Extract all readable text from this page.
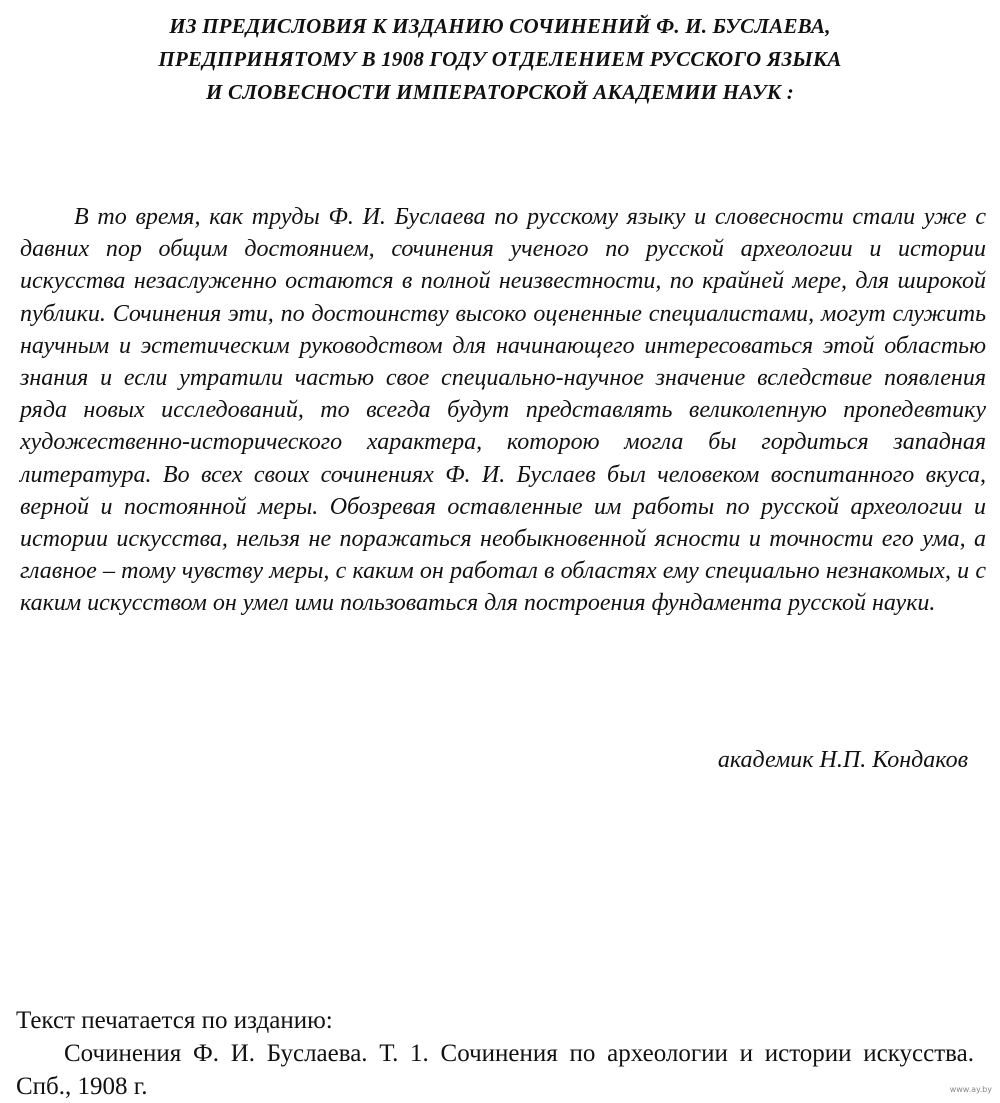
ИЗ ПРЕДИСЛОВИЯ К ИЗДАНИЮ СОЧИНЕНИЙ Ф. И. БУСЛАЕВА,
ПРЕДПРИНЯТОМУ В 1908 ГОДУ ОТДЕЛЕНИЕМ РУССКОГО ЯЗЫКА
И СЛОВЕСНОСТИ ИМПЕРАТОРСКОЙ АКАДЕМИИ НАУК :

В то время, как труды Ф. И. Буслаева по русскому языку и словесности стали уже с давних пор общим достоянием, сочинения ученого по русской археологии и истории искусства незаслуженно остаются в полной неизвестности, по крайней мере, для широкой публики. Сочинения эти, по достоинству высоко оцененные специалистами, могут служить научным и эстетическим руководством для начинающего интересоваться этой областью знания и если утратили частью свое специально-научное значение вследствие появления ряда новых исследований, то всегда будут представлять великолепную пропедевтику художественно-исторического характера, которою могла бы гордиться западная литература. Во всех своих сочинениях Ф. И. Буслаев был человеком воспитанного вкуса, верной и постоянной меры. Обозревая оставленные им работы по русской археологии и истории искусства, нельзя не поражаться необыкновенной ясности и точности его ума, а главное – тому чувству меры, с каким он работал в областях ему специально незнакомых, и с каким искусством он умел ими пользоваться для построения фундамента русской науки.

академик Н.П. Кондаков
Текст печатается по изданию:

Сочинения Ф. И. Буслаева. Т. 1. Сочинения по археологии и истории искусства. Спб., 1908 г.	www.ay.by
